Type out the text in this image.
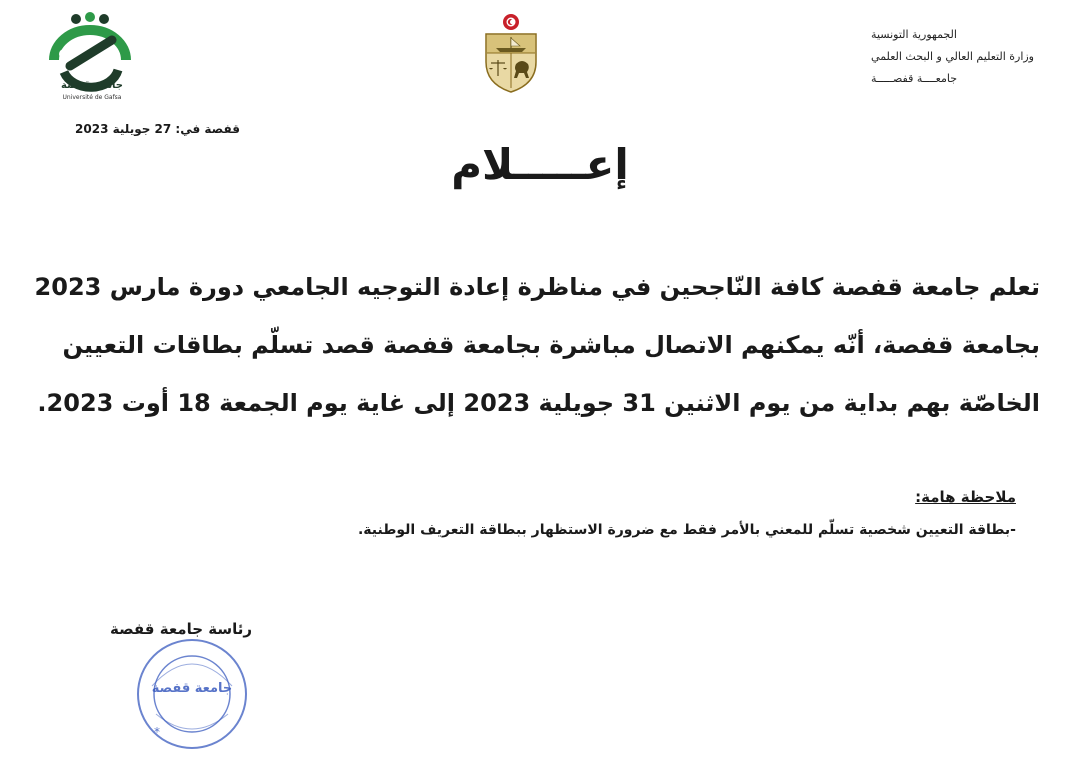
الجمهورية التونسية
وزارة التعليم العالي و البحث العلمي
جامعــــة قفصـــــة
جامعة قفصة
Université de Gafsa
قفصة في: 27 جويلية 2023
إعـــــلام
تعلم جامعة قفصة كافة النّاجحين في مناظرة إعادة التوجيه الجامعي دورة مارس 2023
بجامعة قفصة، أنّه يمكنهم الاتصال مباشرة بجامعة قفصة قصد تسلّم بطاقات التعيين
الخاصّة بهم بداية من يوم الاثنين 31 جويلية 2023 إلى غاية يوم الجمعة 18 أوت 2023.
ملاحظة هامة:
-بطاقة التعيين شخصية تسلّم للمعني بالأمر فقط مع ضرورة الاستظهار ببطاقة التعريف الوطنية.
رئاسة جامعة قفصة
جامعة قفصة
*
